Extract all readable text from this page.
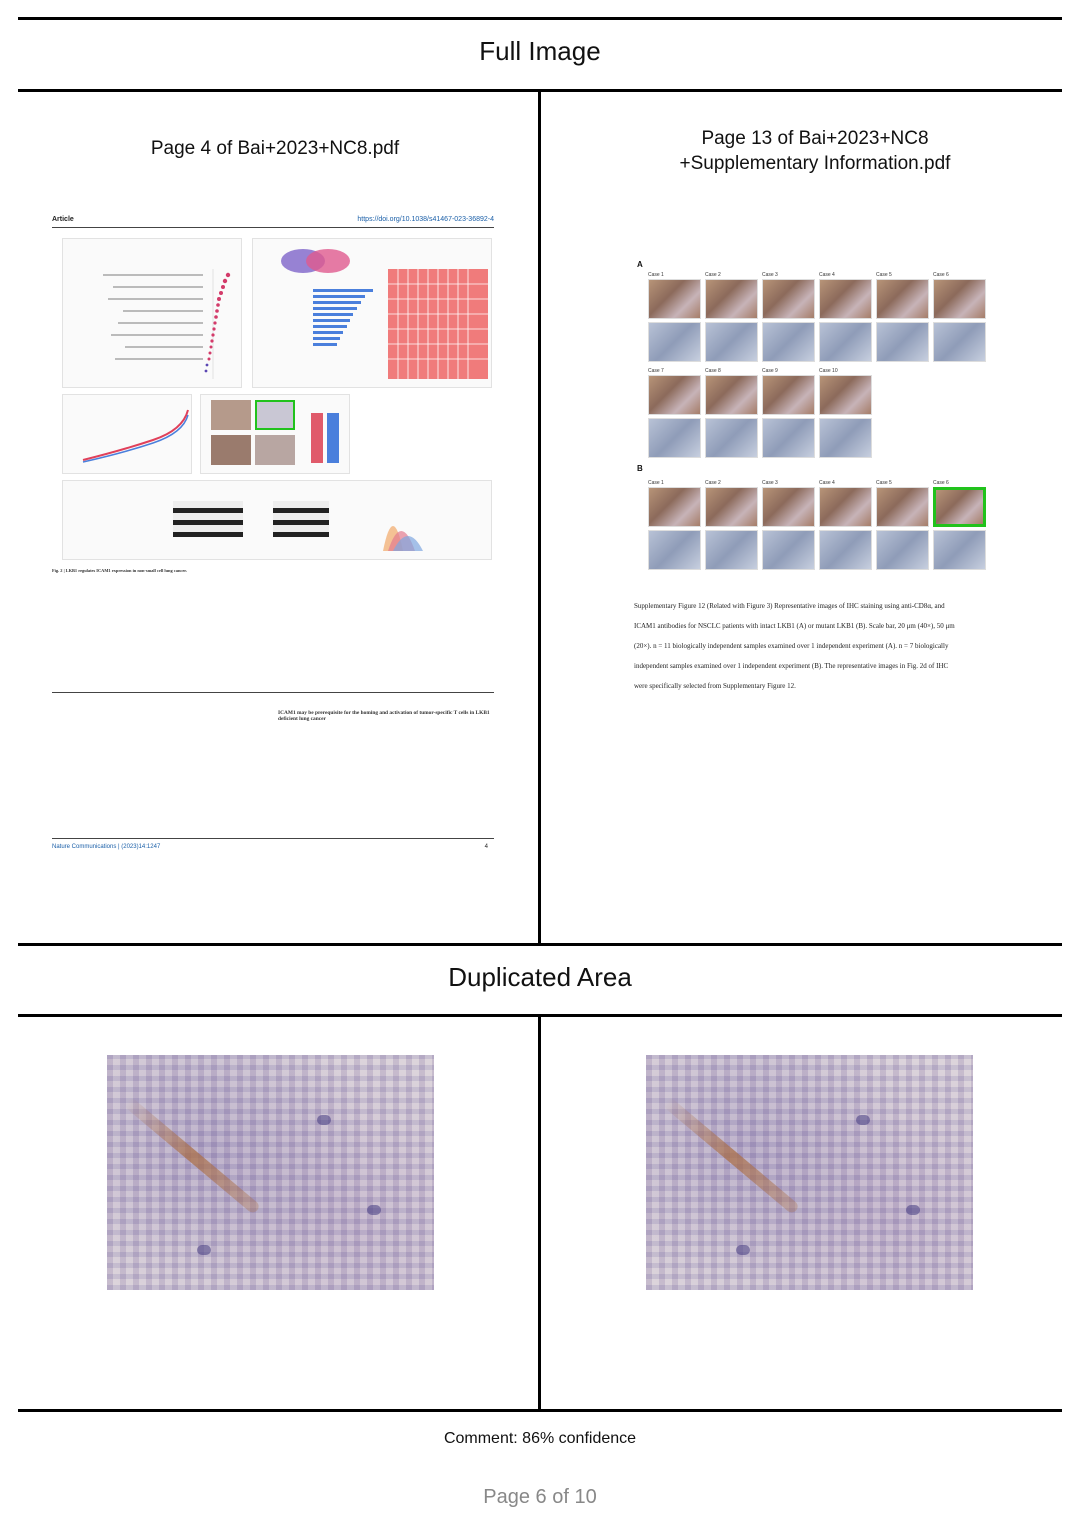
Full Image
Page 4 of Bai+2023+NC8.pdf
Article	https://doi.org/10.1038/s41467-023-36892-4
Fig. 2 | LKB1 regulates ICAM1 expression in non-small cell lung cancer.
ICAM1 may be prerequisite for the homing and activation of tumor-specific T cells in LKB1 deficient lung cancer
Nature Communications | (2023)14:1247	4
Page 13 of Bai+2023+NC8 +Supplementary Information.pdf
A
B
Case 1	Case 2	Case 3	Case 4	Case 5	Case 6
Case 7	Case 8	Case 9	Case 10
Case 1	Case 2	Case 3	Case 4	Case 5	Case 6
Supplementary Figure 12 (Related with Figure 3) Representative images of IHC staining using anti-CD8α, and
ICAM1 antibodies for NSCLC patients with intact LKB1 (A) or mutant LKB1 (B). Scale bar, 20 μm (40×), 50 μm
(20×). n = 11 biologically independent samples examined over 1 independent experiment (A). n = 7 biologically
independent samples examined over 1 independent experiment (B). The representative images in Fig. 2d of IHC
were specifically selected from Supplementary Figure 12.
Duplicated Area
Comment: 86% confidence
Page 6 of 10
